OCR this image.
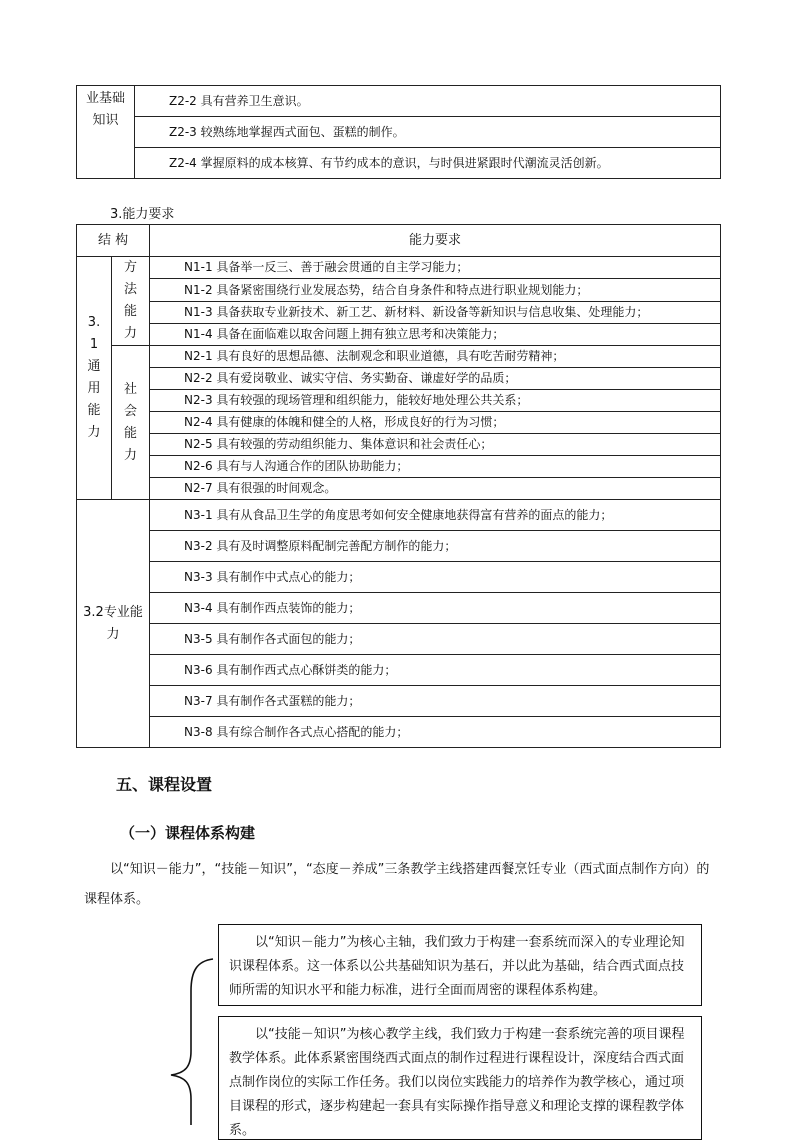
业基础知识

Z2-2 具有营养卫生意识。

Z2-3 较熟练地掌握西式面包、蛋糕的制作。

Z2-4 掌握原料的成本核算、有节约成本的意识，与时俱进紧跟时代潮流灵活创新。
3.能力要求
结 构		能力要求

3.1通用能力	方法能力	N1-1 具备举一反三、善于融会贯通的自主学习能力；

		N1-2 具备紧密围绕行业发展态势，结合自身条件和特点进行职业规划能力；

		N1-3 具备获取专业新技术、新工艺、新材料、新设备等新知识与信息收集、处理能力；

		N1-4 具备在面临难以取舍问题上拥有独立思考和决策能力；

	社会能力	N2-1 具有良好的思想品德、法制观念和职业道德，具有吃苦耐劳精神；

		N2-2 具有爱岗敬业、诚实守信、务实勤奋、谦虚好学的品质；

		N2-3 具有较强的现场管理和组织能力，能较好地处理公共关系；

		N2-4 具有健康的体魄和健全的人格，形成良好的行为习惯；

		N2-5 具有较强的劳动组织能力、集体意识和社会责任心；

		N2-6 具有与人沟通合作的团队协助能力；

		N2-7 具有很强的时间观念。

3.2专业能力		N3-1 具有从食品卫生学的角度思考如何安全健康地获得富有营养的面点的能力；

		N3-2 具有及时调整原料配制完善配方制作的能力；

		N3-3 具有制作中式点心的能力；

		N3-4 具有制作西点装饰的能力；

		N3-5 具有制作各式面包的能力；

		N3-6 具有制作西式点心酥饼类的能力；

		N3-7 具有制作各式蛋糕的能力；

		N3-8 具有综合制作各式点心搭配的能力；
五、课程设置
（一）课程体系构建
以“知识－能力”，“技能－知识”，“态度－养成”三条教学主线搭建西餐烹饪专业（西式面点制作方向）的课程体系。
以“知识－能力”为核心主轴，我们致力于构建一套系统而深入的专业理论知识课程体系。这一体系以公共基础知识为基石，并以此为基础，结合西式面点技师所需的知识水平和能力标准，进行全面而周密的课程体系构建。
以“技能－知识”为核心教学主线，我们致力于构建一套系统完善的项目课程教学体系。此体系紧密围绕西式面点的制作过程进行课程设计，深度结合西式面点制作岗位的实际工作任务。我们以岗位实践能力的培养作为教学核心，通过项目课程的形式，逐步构建起一套具有实际操作指导意义和理论支撑的课程教学体系。
